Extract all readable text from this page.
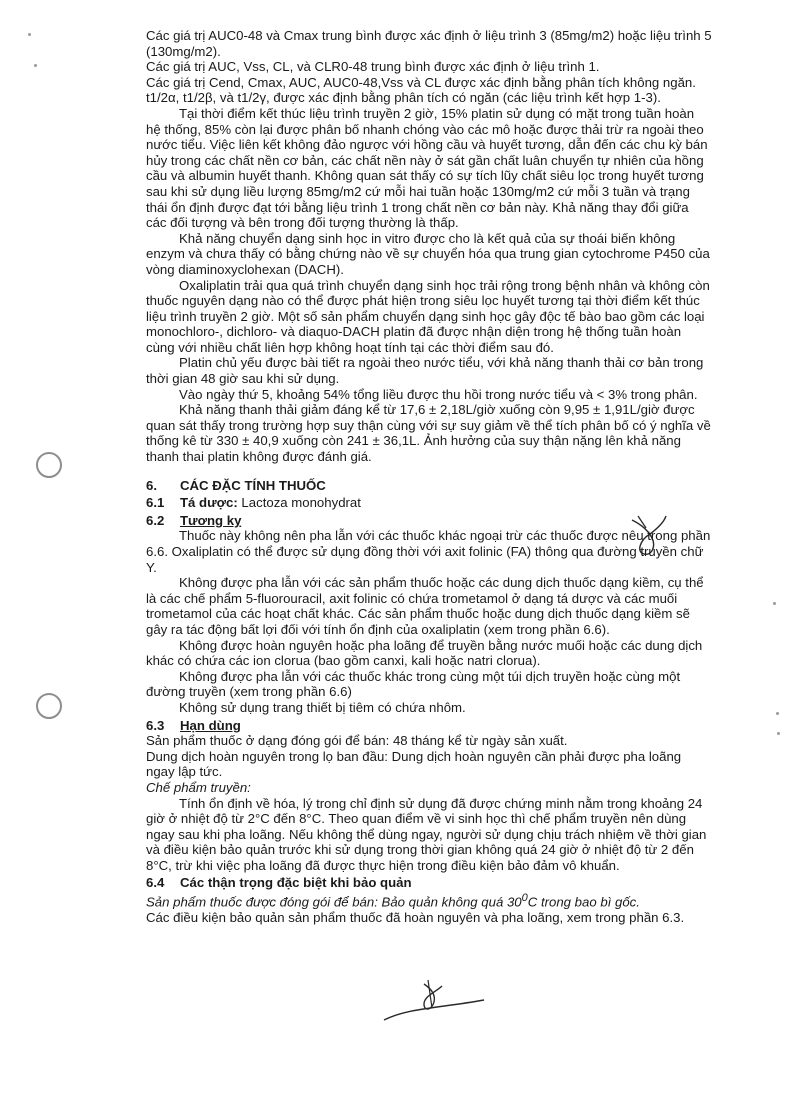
Các giá trị AUC0-48 và Cmax trung bình được xác định ở liệu trình 3 (85mg/m2) hoặc liệu trình 5 (130mg/m2).

Các giá trị AUC, Vss, CL, và CLR0-48 trung bình được xác định ở liệu trình 1.

Các giá trị Cend, Cmax, AUC, AUC0-48,Vss và CL được xác định bằng phân tích không ngăn.

t1/2α, t1/2β, và t1/2γ, được xác định bằng phân tích có ngăn (các liệu trình kết hợp 1-3).

Tại thời điểm kết thúc liệu trình truyền 2 giờ, 15% platin sử dụng có mặt trong tuần hoàn hệ thống, 85% còn lại được phân bố nhanh chóng vào các mô hoặc được thải trừ ra ngoài theo nước tiểu. Việc liên kết không đảo ngược với hồng cầu và huyết tương, dẫn đến các chu kỳ bán hủy trong các chất nền cơ bản, các chất nền này ở sát gần chất luân chuyển tự nhiên của hồng cầu và albumin huyết thanh. Không quan sát thấy có sự tích lũy chất siêu lọc trong huyết tương sau khi sử dụng liều lượng 85mg/m2 cứ mỗi hai tuần hoặc 130mg/m2 cứ mỗi 3 tuần và trạng thái ổn định được đạt tới bằng liệu trình 1 trong chất nền cơ bản này. Khả năng thay đổi giữa các đối tượng và bên trong đối tượng thường là thấp.

Khả năng chuyển dạng sinh học in vitro được cho là kết quả của sự thoái biến không enzym và chưa thấy có bằng chứng nào về sự chuyển hóa qua trung gian cytochrome P450 của vòng diaminoxyclohexan (DACH).

Oxaliplatin trải qua quá trình chuyển dạng sinh học trải rộng trong bệnh nhân và không còn thuốc nguyên dạng nào có thể được phát hiện trong siêu lọc huyết tương tại thời điểm kết thúc liệu trình truyền 2 giờ. Một số sản phẩm chuyển dạng sinh học gây độc tế bào bao gồm các loại monochloro-, dichloro- và diaquo-DACH platin đã được nhận diện trong hệ thống tuần hoàn cùng với nhiều chất liên hợp không hoạt tính tại các thời điểm sau đó.

Platin chủ yếu được bài tiết ra ngoài theo nước tiểu, với khả năng thanh thải cơ bản trong thời gian 48 giờ sau khi sử dụng.

Vào ngày thứ 5, khoảng 54% tổng liều được thu hồi trong nước tiểu và < 3% trong phân.

Khả năng thanh thải giảm đáng kể từ 17,6 ± 2,18L/giờ xuống còn 9,95 ± 1,91L/giờ được quan sát thấy trong trường hợp suy thận cùng với sự suy giảm về thể tích phân bố có ý nghĩa về thống kê từ 330 ± 40,9 xuống còn 241 ± 36,1L. Ảnh hưởng của suy thận nặng lên khả năng thanh thai platin không được đánh giá.

6.	CÁC ĐẶC TÍNH THUỐC
6.1	Tá dược: Lactoza monohydrat
6.2	Tương kỵ

Thuốc này không nên pha lẫn với các thuốc khác ngoại trừ các thuốc được nêu trong phần 6.6. Oxaliplatin có thể được sử dụng đồng thời với axit folinic (FA) thông qua đường truyền chữ Y.

Không được pha lẫn với các sản phẩm thuốc hoặc các dung dịch thuốc dạng kiềm, cụ thể là các chế phẩm 5-fluorouracil, axit folinic có chứa trometamol ở dạng tá dược và các muối trometamol của các hoạt chất khác. Các sản phẩm thuốc hoặc dung dịch thuốc dạng kiềm sẽ gây ra tác động bất lợi đối với tính ổn định của oxaliplatin (xem trong phần 6.6).

Không được hoàn nguyên hoặc pha loãng để truyền bằng nước muối hoặc các dung dịch khác có chứa các ion clorua (bao gồm canxi, kali hoặc natri clorua).

Không được pha lẫn với các thuốc khác trong cùng một túi dịch truyền hoặc cùng một đường truyền (xem trong phần 6.6)

Không sử dụng trang thiết bị tiêm có chứa nhôm.

6.3	Hạn dùng

Sản phẩm thuốc ở dạng đóng gói để bán: 48 tháng kể từ ngày sản xuất.

Dung dịch hoàn nguyên trong lọ ban đầu: Dung dịch hoàn nguyên cần phải được pha loãng ngay lập tức.

Chế phẩm truyền:

Tính ổn định về hóa, lý trong chỉ định sử dụng đã được chứng minh nằm trong khoảng 24 giờ ở nhiệt độ từ 2°C đến 8°C. Theo quan điểm về vi sinh học thì chế phẩm truyền nên dùng ngay sau khi pha loãng. Nếu không thể dùng ngay, người sử dụng chịu trách nhiệm về thời gian và điều kiện bảo quản trước khi sử dụng trong thời gian không quá 24 giờ ở nhiệt độ từ 2 đến 8°C, trừ khi việc pha loãng đã được thực hiện trong điều kiện bảo đảm vô khuẩn.

6.4	Các thận trọng đặc biệt khi bảo quản

Sản phẩm thuốc được đóng gói để bán: Bảo quản không quá $30^0C$ trong bao bì gốc.

Các điều kiện bảo quản sản phẩm thuốc đã hoàn nguyên và pha loãng, xem trong phần 6.3.
